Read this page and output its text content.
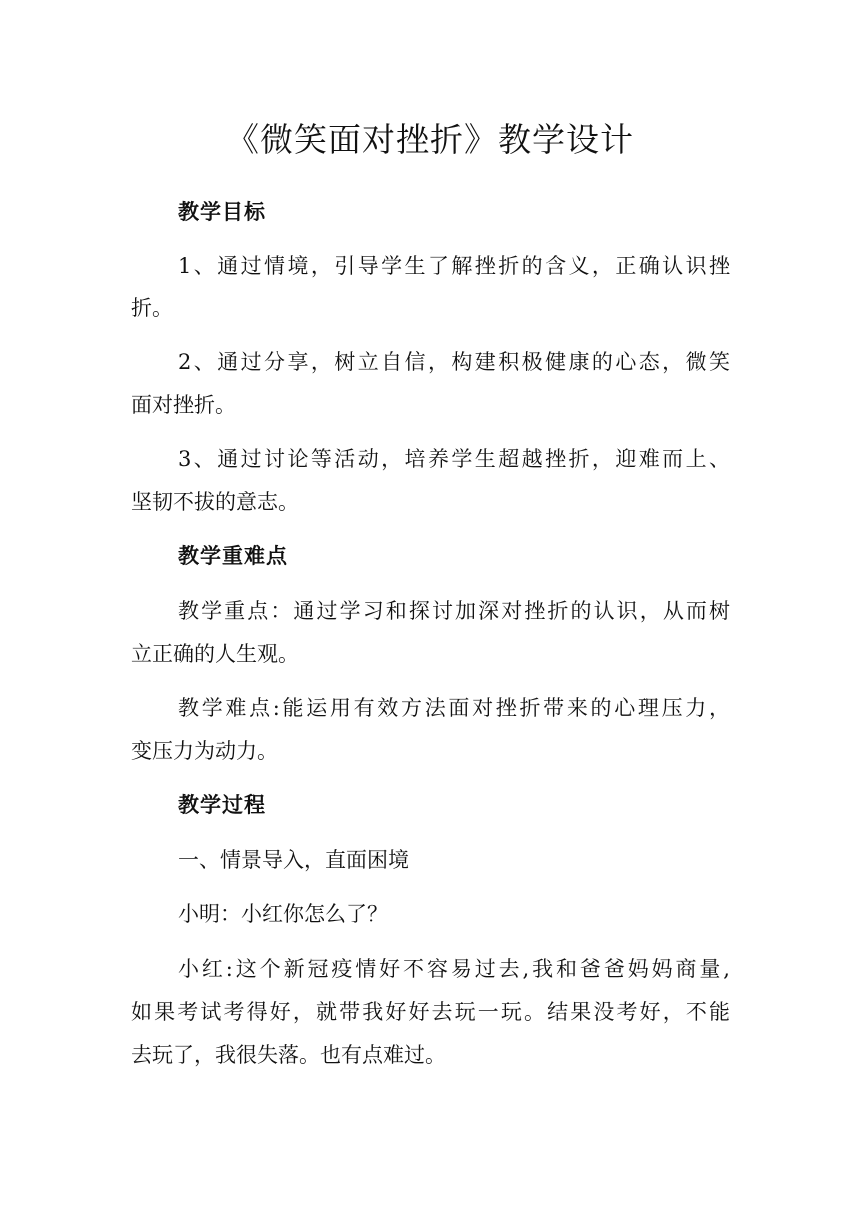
《微笑面对挫折》教学设计

教学目标

1、通过情境，引导学生了解挫折的含义，正确认识挫

折。

2、通过分享，树立自信，构建积极健康的心态，微笑

面对挫折。

3、通过讨论等活动，培养学生超越挫折，迎难而上、

坚韧不拔的意志。

教学重难点

教学重点：通过学习和探讨加深对挫折的认识，从而树

立正确的人生观。

教学难点:能运用有效方法面对挫折带来的心理压力，

变压力为动力。

教学过程

一、情景导入，直面困境

小明：小红你怎么了？

小红:这个新冠疫情好不容易过去,我和爸爸妈妈商量,

如果考试考得好，就带我好好去玩一玩。结果没考好，不能

去玩了，我很失落。也有点难过。
